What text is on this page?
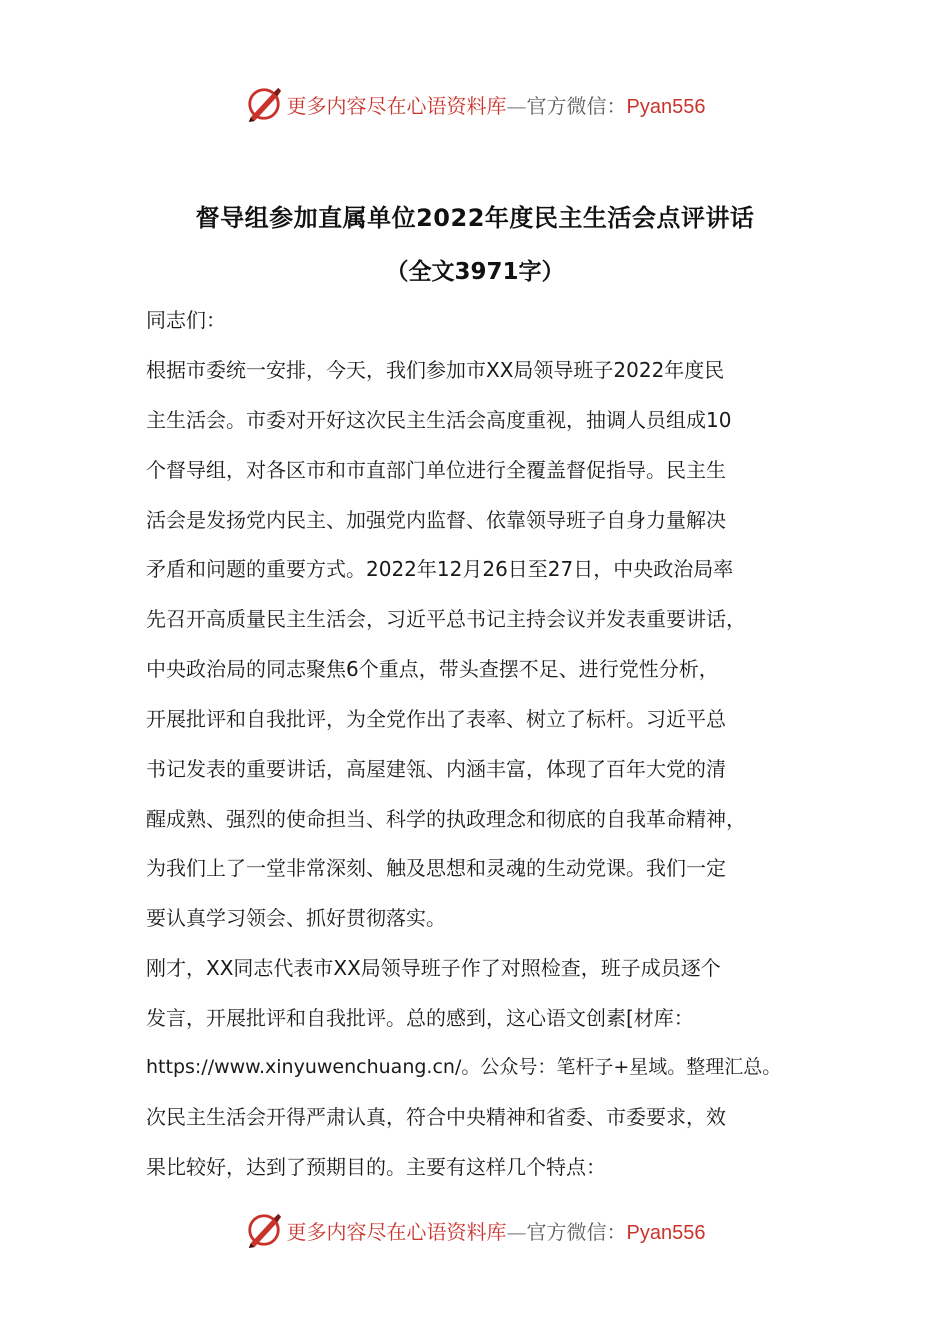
更多内容尽在心语资料库—官方微信：Pyan556
督导组参加直属单位2022年度民主生活会点评讲话
（全文3971字）
同志们：
根据市委统一安排，今天，我们参加市XX局领导班子2022年度民
主生活会。市委对开好这次民主生活会高度重视，抽调人员组成10
个督导组，对各区市和市直部门单位进行全覆盖督促指导。民主生
活会是发扬党内民主、加强党内监督、依靠领导班子自身力量解决
矛盾和问题的重要方式。2022年12月26日至27日，中央政治局率
先召开高质量民主生活会，习近平总书记主持会议并发表重要讲话，
中央政治局的同志聚焦6个重点，带头查摆不足、进行党性分析，
开展批评和自我批评，为全党作出了表率、树立了标杆。习近平总
书记发表的重要讲话，高屋建瓴、内涵丰富，体现了百年大党的清
醒成熟、强烈的使命担当、科学的执政理念和彻底的自我革命精神，
为我们上了一堂非常深刻、触及思想和灵魂的生动党课。我们一定
要认真学习领会、抓好贯彻落实。
刚才，XX同志代表市XX局领导班子作了对照检查，班子成员逐个
发言，开展批评和自我批评。总的感到，这心语文创素[材库：
https://www.xinyuwenchuang.cn/。公众号：笔杆子+星域。整理汇总。
次民主生活会开得严肃认真，符合中央精神和省委、市委要求，效
果比较好，达到了预期目的。主要有这样几个特点：
更多内容尽在心语资料库—官方微信：Pyan556
